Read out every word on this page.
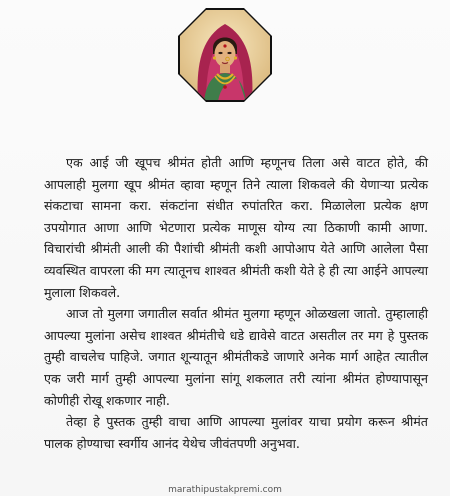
एक आई जी खूपच श्रीमंत होती आणि म्हणूनच तिला असे वाटत होते, की आपलाही मुलगा खूप श्रीमंत व्हावा म्हणून तिने त्याला शिकवले की येणाऱ्या प्रत्येक संकटाचा सामना करा. संकटांना संधीत रुपांतरित करा. मिळालेला प्रत्येक क्षण उपयोगात आणा आणि भेटणारा प्रत्येक माणूस योग्य त्या ठिकाणी कामी आणा. विचारांची श्रीमंती आली की पैशांची श्रीमंती कशी आपोआप येते आणि आलेला पैसा व्यवस्थित वापरला की मग त्यातूनच शाश्वत श्रीमंती कशी येते हे ही त्या आईने आपल्या मुलाला शिकवले.

आज तो मुलगा जगातील सर्वात श्रीमंत मुलगा म्हणून ओळखला जातो. तुम्हालाही आपल्या मुलांना असेच शाश्वत श्रीमंतीचे धडे द्यावेसे वाटत असतील तर मग हे पुस्तक तुम्ही वाचलेच पाहिजे. जगात शून्यातून श्रीमंतीकडे जाणारे अनेक मार्ग आहेत त्यातील एक जरी मार्ग तुम्ही आपल्या मुलांना सांगू शकलात तरी त्यांना श्रीमंत होण्यापासून कोणीही रोखू शकणार नाही.

तेव्हा हे पुस्तक तुम्ही वाचा आणि आपल्या मुलांवर याचा प्रयोग करून श्रीमंत पालक होण्याचा स्वर्गीय आनंद येथेच जीवंतपणी अनुभवा.

marathipustakpremi.com
